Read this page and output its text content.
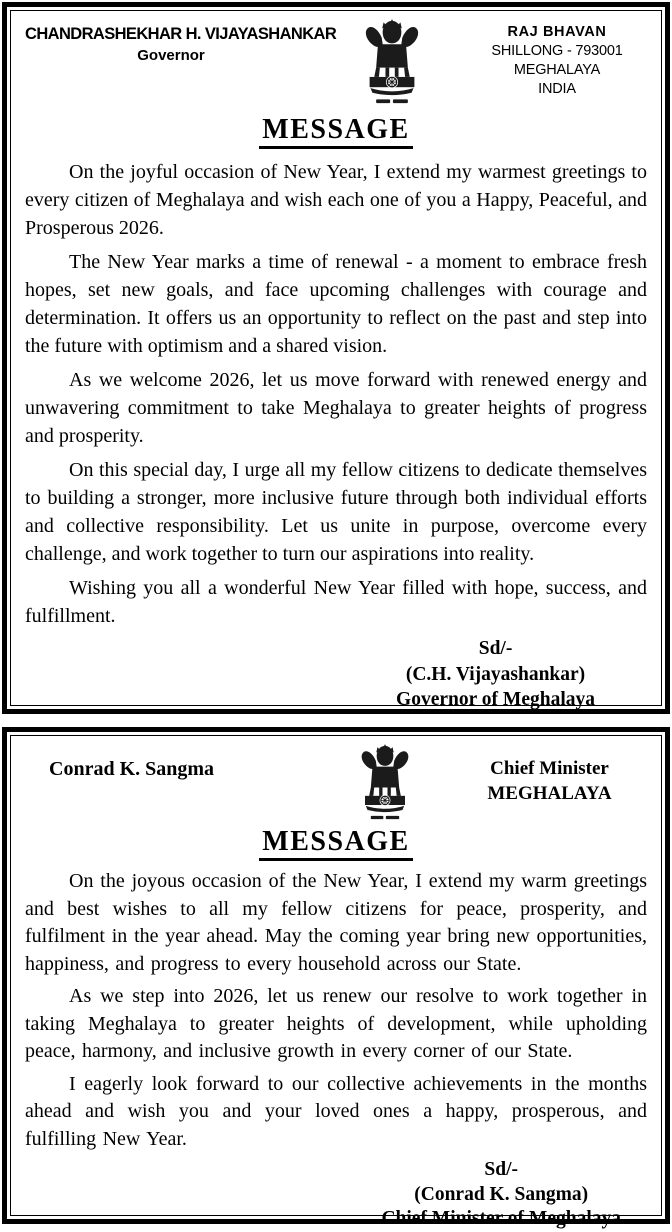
CHANDRASHEKHAR H. VIJAYASHANKAR
Governor
RAJ BHAVAN
SHILLONG - 793001
MEGHALAYA
INDIA
MESSAGE

On the joyful occasion of New Year, I extend my warmest greetings to every citizen of Meghalaya and wish each one of you a Happy, Peaceful, and Prosperous 2026.

The New Year marks a time of renewal - a moment to embrace fresh hopes, set new goals, and face upcoming challenges with courage and determination. It offers us an opportunity to reflect on the past and step into the future with optimism and a shared vision.

As we welcome 2026, let us move forward with renewed energy and unwavering commitment to take Meghalaya to greater heights of progress and prosperity.

On this special day, I urge all my fellow citizens to dedicate themselves to building a stronger, more inclusive future through both individual efforts and collective responsibility. Let us unite in purpose, overcome every challenge, and work together to turn our aspirations into reality.

Wishing you all a wonderful New Year filled with hope, success, and fulfillment.

Sd/-
(C.H. Vijayashankar)
Governor of Meghalaya
Conrad K. Sangma	Chief Minister
MEGHALAYA
MESSAGE

On the joyous occasion of the New Year, I extend my warm greetings and best wishes to all my fellow citizens for peace, prosperity, and fulfilment in the year ahead. May the coming year bring new opportunities, happiness, and progress to every household across our State.

As we step into 2026, let us renew our resolve to work together in taking Meghalaya to greater heights of development, while upholding peace, harmony, and inclusive growth in every corner of our State.

I eagerly look forward to our collective achievements in the months ahead and wish you and your loved ones a happy, prosperous, and fulfilling New Year.

Sd/-
(Conrad K. Sangma)
Chief Minister of Meghalaya
